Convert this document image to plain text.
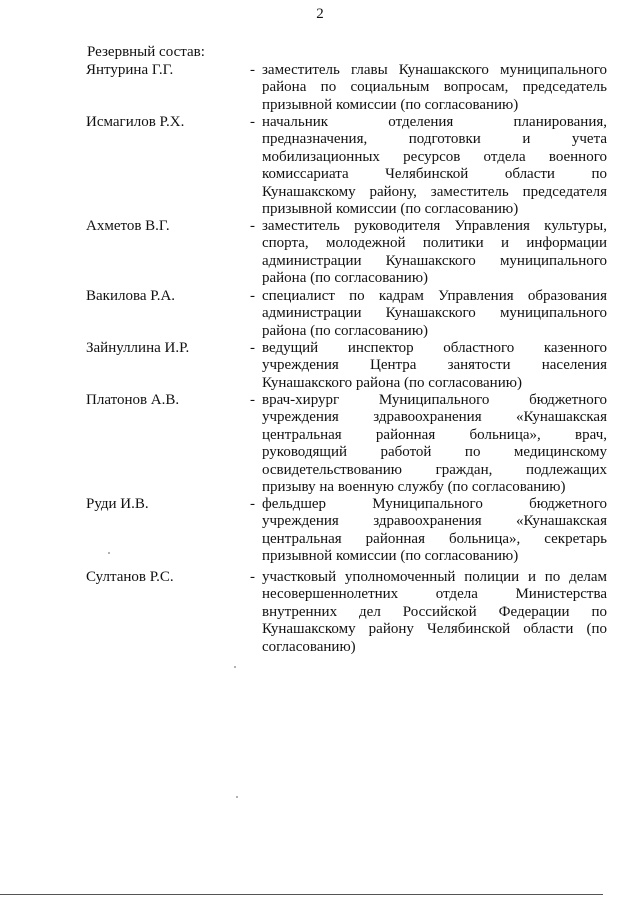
2
Резервный состав:
Янтурина Г.Г.	- заместитель главы Кунашакского муниципального
района по социальным вопросам, председатель
призывной комиссии (по согласованию)
Исмагилов Р.Х.	- начальник отделения планирования,
предназначения, подготовки и учета
мобилизационных ресурсов отдела военного
комиссариата Челябинской области по
Кунашакскому району, заместитель председателя
призывной комиссии (по согласованию)
Ахметов В.Г.	- заместитель руководителя Управления культуры,
спорта, молодежной политики и информации
администрации Кунашакского муниципального
района (по согласованию)
Вакилова Р.А.	- специалист по кадрам Управления образования
администрации Кунашакского муниципального
района (по согласованию)
Зайнуллина И.Р.	- ведущий инспектор областного казенного
учреждения Центра занятости населения
Кунашакского района (по согласованию)
Платонов А.В.	- врач-хирург Муниципального бюджетного
учреждения здравоохранения «Кунашакская
центральная районная больница», врач,
руководящий работой по медицинскому
освидетельствованию граждан, подлежащих
призыву на военную службу (по согласованию)
Руди И.В.	- фельдшер Муниципального бюджетного
учреждения здравоохранения «Кунашакская
центральная районная больница», секретарь
призывной комиссии (по согласованию)
Султанов Р.С.	- участковый уполномоченный полиции и по делам
несовершеннолетних отдела Министерства
внутренних дел Российской Федерации по
Кунашакскому району Челябинской области (по
согласованию)
